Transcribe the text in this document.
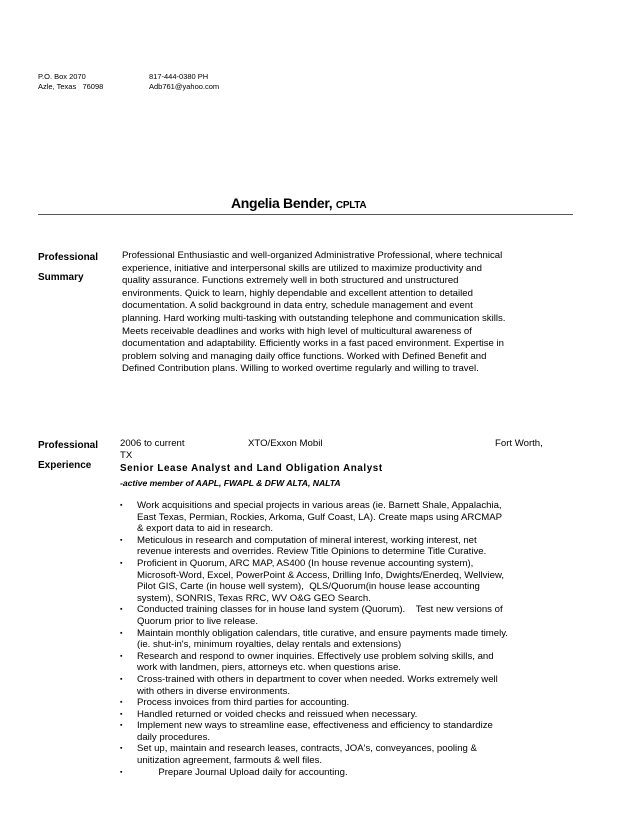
P.O. Box 2070
Azle, Texas   76098
817-444-0380 PH
Adb761@yahoo.com
Angelia Bender, CPLTA
Professional
Summary
Professional Enthusiastic and well-organized Administrative Professional, where technical
experience, initiative and interpersonal skills are utilized to maximize productivity and
quality assurance. Functions extremely well in both structured and unstructured
environments. Quick to learn, highly dependable and excellent attention to detailed
documentation. A solid background in data entry, schedule management and event
planning. Hard working multi-tasking with outstanding telephone and communication skills.
Meets receivable deadlines and works with high level of multicultural awareness of
documentation and adaptability. Efficiently works in a fast paced environment. Expertise in
problem solving and managing daily office functions. Worked with Defined Benefit and
Defined Contribution plans. Willing to worked overtime regularly and willing to travel.
Professional
Experience
2006 to current	XTO/Exxon Mobil	Fort Worth,
TX
Senior Lease Analyst and Land Obligation Analyst
-active member of AAPL, FWAPL & DFW ALTA, NALTA
▪ Work acquisitions and special projects in various areas (ie. Barnett Shale, Appalachia,
East Texas, Permian, Rockies, Arkoma, Gulf Coast, LA). Create maps using ARCMAP
& export data to aid in research.
▪ Meticulous in research and computation of mineral interest, working interest, net
revenue interests and overrides. Review Title Opinions to determine Title Curative.
▪ Proficient in Quorum, ARC MAP, AS400 (In house revenue accounting system),
Microsoft-Word, Excel, PowerPoint & Access, Drilling Info, Dwights/Enerdeq, Wellview,
Pilot GIS, Carte (in house well system),  QLS/Quorum(in house lease accounting
system), SONRIS, Texas RRC, WV O&G GEO Search.
▪ Conducted training classes for in house land system (Quorum).    Test new versions of
Quorum prior to live release.
▪ Maintain monthly obligation calendars, title curative, and ensure payments made timely.
(ie. shut-in's, minimum royalties, delay rentals and extensions)
▪ Research and respond to owner inquiries. Effectively use problem solving skills, and
work with landmen, piers, attorneys etc. when questions arise.
▪ Cross-trained with others in department to cover when needed. Works extremely well
with others in diverse environments.
▪ Process invoices from third parties for accounting.
▪ Handled returned or voided checks and reissued when necessary.
▪ Implement new ways to streamline ease, effectiveness and efficiency to standardize
daily procedures.
▪ Set up, maintain and research leases, contracts, JOA's, conveyances, pooling &
unitization agreement, farmouts & well files.
▪ Prepare Journal Upload daily for accounting.
